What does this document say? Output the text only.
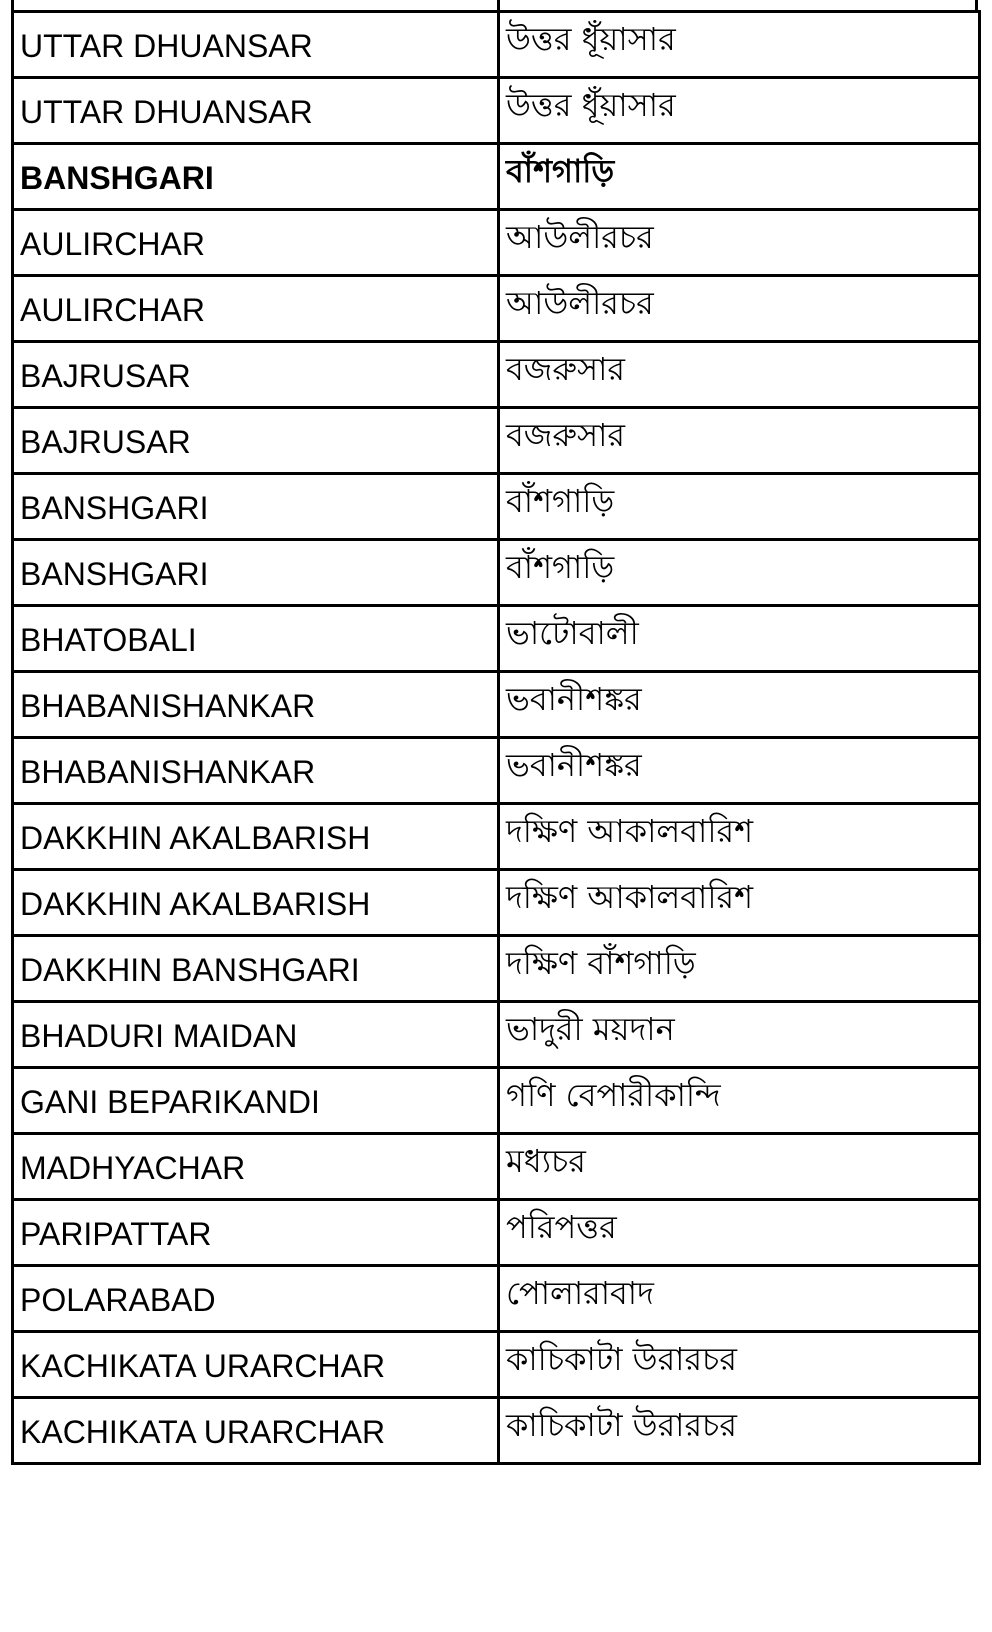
UTTAR DHUANSAR	উত্তর ধূঁয়াসার
UTTAR DHUANSAR	উত্তর ধূঁয়াসার
BANSHGARI	বাঁশগাড়ি
AULIRCHAR	আউলীরচর
AULIRCHAR	আউলীরচর
BAJRUSAR	বজরুসার
BAJRUSAR	বজরুসার
BANSHGARI	বাঁশগাড়ি
BANSHGARI	বাঁশগাড়ি
BHATOBALI	ভাটোবালী
BHABANISHANKAR	ভবানীশঙ্কর
BHABANISHANKAR	ভবানীশঙ্কর
DAKKHIN AKALBARISH	দক্ষিণ আকালবারিশ
DAKKHIN AKALBARISH	দক্ষিণ আকালবারিশ
DAKKHIN BANSHGARI	দক্ষিণ বাঁশগাড়ি
BHADURI MAIDAN	ভাদুরী ময়দান
GANI BEPARIKANDI	গণি বেপারীকান্দি
MADHYACHAR	মধ্যচর
PARIPATTAR	পরিপত্তর
POLARABAD	পোলারাবাদ
KACHIKATA URARCHAR	কাচিকাটা উরারচর
KACHIKATA URARCHAR	কাচিকাটা উরারচর
